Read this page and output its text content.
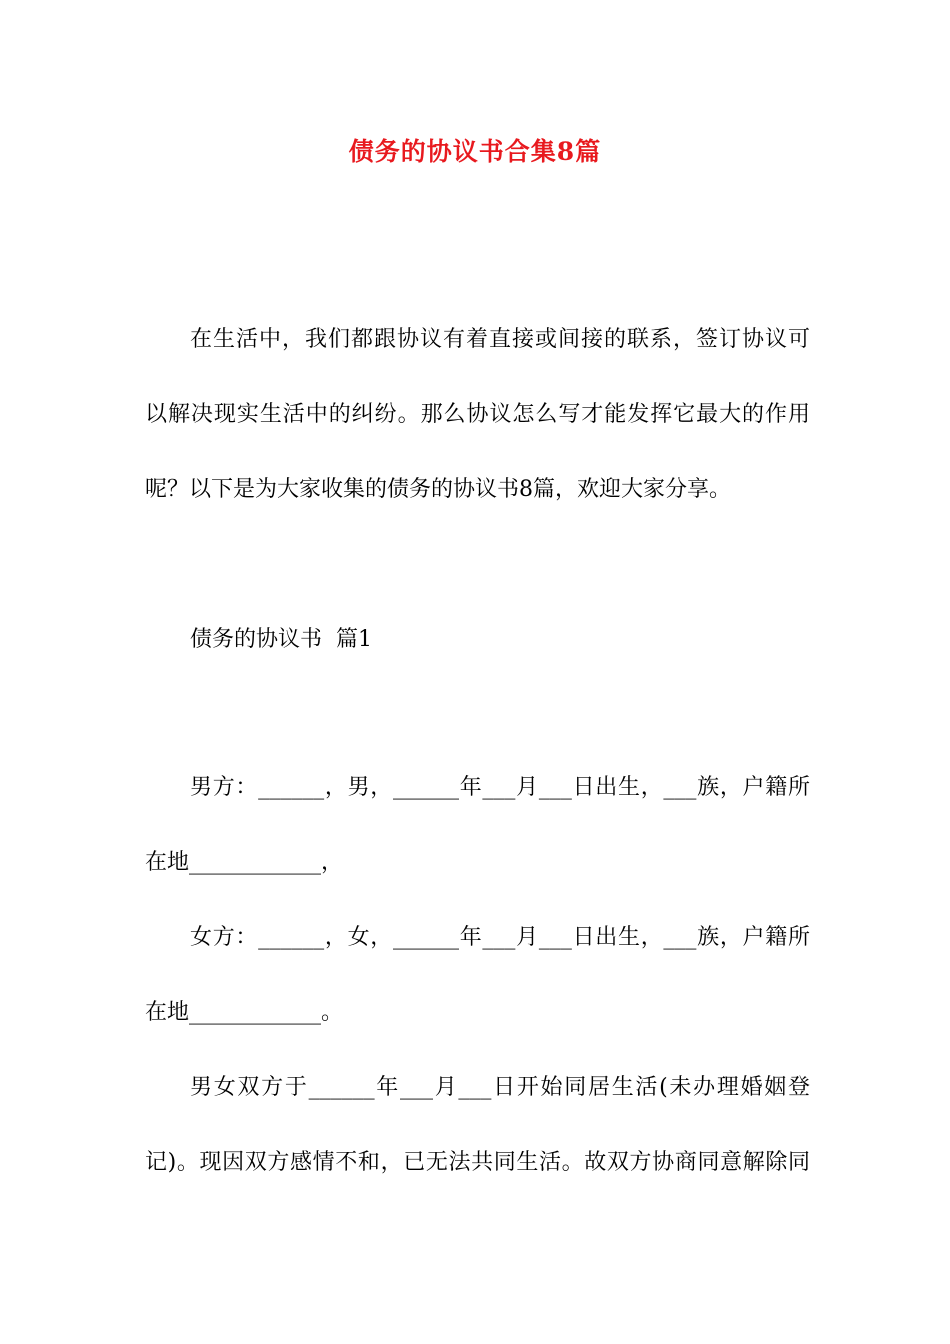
债务的协议书合集8篇
在生活中，我们都跟协议有着直接或间接的联系，签订协议可
以解决现实生活中的纠纷。那么协议怎么写才能发挥它最大的作用
呢？以下是为大家收集的债务的协议书8篇，欢迎大家分享。
债务的协议书  篇1
男方：______，男，______年___月___日出生，___族，户籍所
在地____________，
女方：______，女，______年___月___日出生，___族，户籍所
在地____________。
男女双方于______年___月___日开始同居生活(未办理婚姻登
记)。现因双方感情不和，已无法共同生活。故双方协商同意解除同
